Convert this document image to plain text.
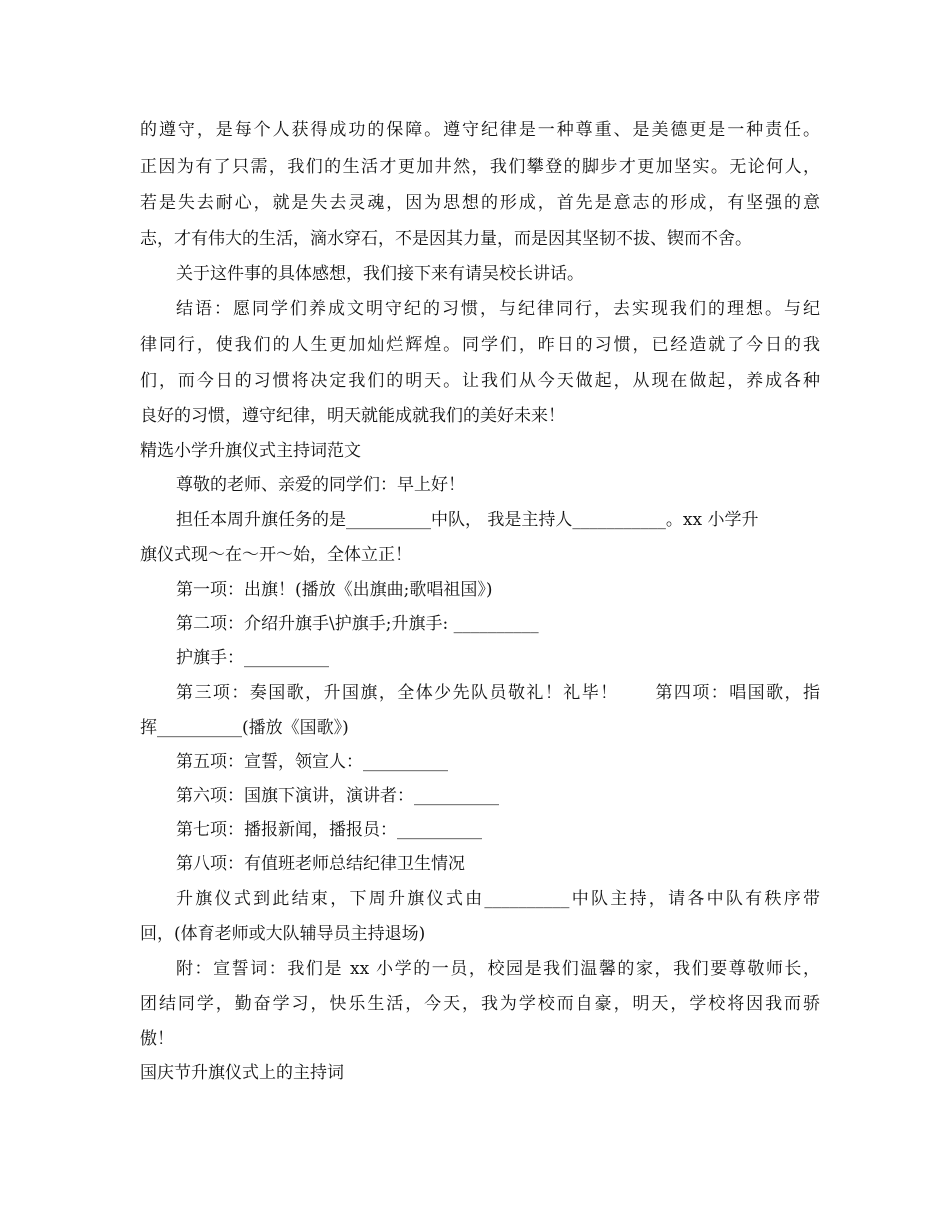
的遵守，是每个人获得成功的保障。遵守纪律是一种尊重、是美德更是一种责任。
正因为有了只需，我们的生活才更加井然，我们攀登的脚步才更加坚实。无论何人，
若是失去耐心，就是失去灵魂，因为思想的形成，首先是意志的形成，有坚强的意
志，才有伟大的生活，滴水穿石，不是因其力量，而是因其坚韧不拔、锲而不舍。
关于这件事的具体感想，我们接下来有请吴校长讲话。
结语：愿同学们养成文明守纪的习惯，与纪律同行，去实现我们的理想。与纪
律同行，使我们的人生更加灿烂辉煌。同学们，昨日的习惯，已经造就了今日的我
们，而今日的习惯将决定我们的明天。让我们从今天做起，从现在做起，养成各种
良好的习惯，遵守纪律，明天就能成就我们的美好未来！
精选小学升旗仪式主持词范文
尊敬的老师、亲爱的同学们：早上好！
担任本周升旗任务的是__________中队， 我是主持人___________。xx 小学升
旗仪式现～在～开～始，全体立正！
第一项：出旗！(播放《出旗曲;歌唱祖国》)
第二项：介绍升旗手\护旗手;升旗手: __________
护旗手：__________
第三项：奏国歌，升国旗，全体少先队员敬礼！礼毕！　　第四项：唱国歌，指
挥__________(播放《国歌》)
第五项：宣誓，领宣人：__________
第六项：国旗下演讲，演讲者：__________
第七项：播报新闻，播报员：__________
第八项：有值班老师总结纪律卫生情况
升旗仪式到此结束，下周升旗仪式由__________中队主持，请各中队有秩序带
回，(体育老师或大队辅导员主持退场)
附：宣誓词：我们是 xx 小学的一员，校园是我们温馨的家，我们要尊敬师长，
团结同学，勤奋学习，快乐生活，今天，我为学校而自豪，明天，学校将因我而骄
傲！
国庆节升旗仪式上的主持词
